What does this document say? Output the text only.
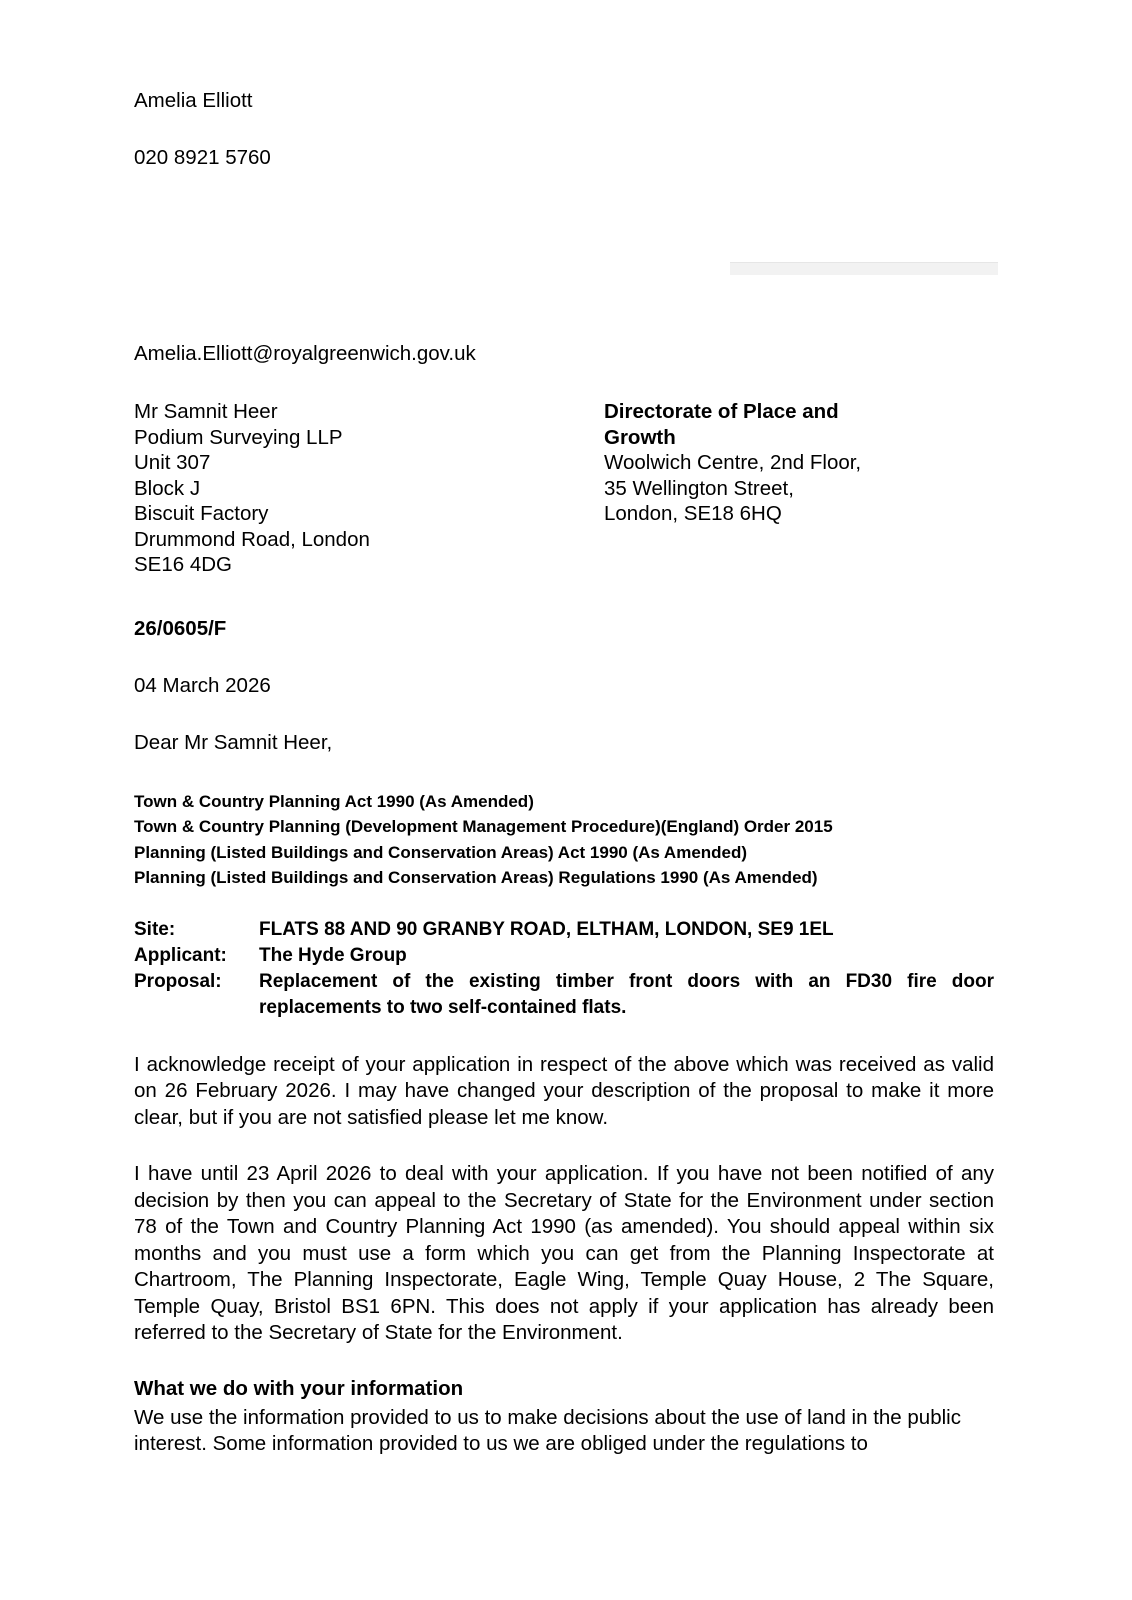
Amelia Elliott
020 8921 5760
Amelia.Elliott@royalgreenwich.gov.uk
Mr Samnit Heer
Podium Surveying LLP
Unit 307
Block J
Biscuit Factory
Drummond Road, London
SE16 4DG
Directorate of Place and Growth
Woolwich Centre, 2nd Floor,
35 Wellington Street,
London, SE18 6HQ
26/0605/F
04 March 2026
Dear Mr Samnit Heer,
Town & Country Planning Act 1990 (As Amended)
Town & Country Planning (Development Management Procedure)(England) Order 2015
Planning (Listed Buildings and Conservation Areas) Act 1990 (As Amended)
Planning (Listed Buildings and Conservation Areas) Regulations 1990 (As Amended)
Site:	FLATS 88 AND 90 GRANBY ROAD, ELTHAM, LONDON, SE9 1EL
Applicant:	The Hyde Group
Proposal:	Replacement of the existing timber front doors with an FD30 fire door replacements to two self-contained flats.

I acknowledge receipt of your application in respect of the above which was received as valid on 26 February 2026. I may have changed your description of the proposal to make it more clear, but if you are not satisfied please let me know.

I have until 23 April 2026 to deal with your application. If you have not been notified of any decision by then you can appeal to the Secretary of State for the Environment under section 78 of the Town and Country Planning Act 1990 (as amended). You should appeal within six months and you must use a form which you can get from the Planning Inspectorate at Chartroom, The Planning Inspectorate, Eagle Wing, Temple Quay House, 2 The Square, Temple Quay, Bristol BS1 6PN. This does not apply if your application has already been referred to the Secretary of State for the Environment.

What we do with your information

We use the information provided to us to make decisions about the use of land in the public interest. Some information provided to us we are obliged under the regulations to
